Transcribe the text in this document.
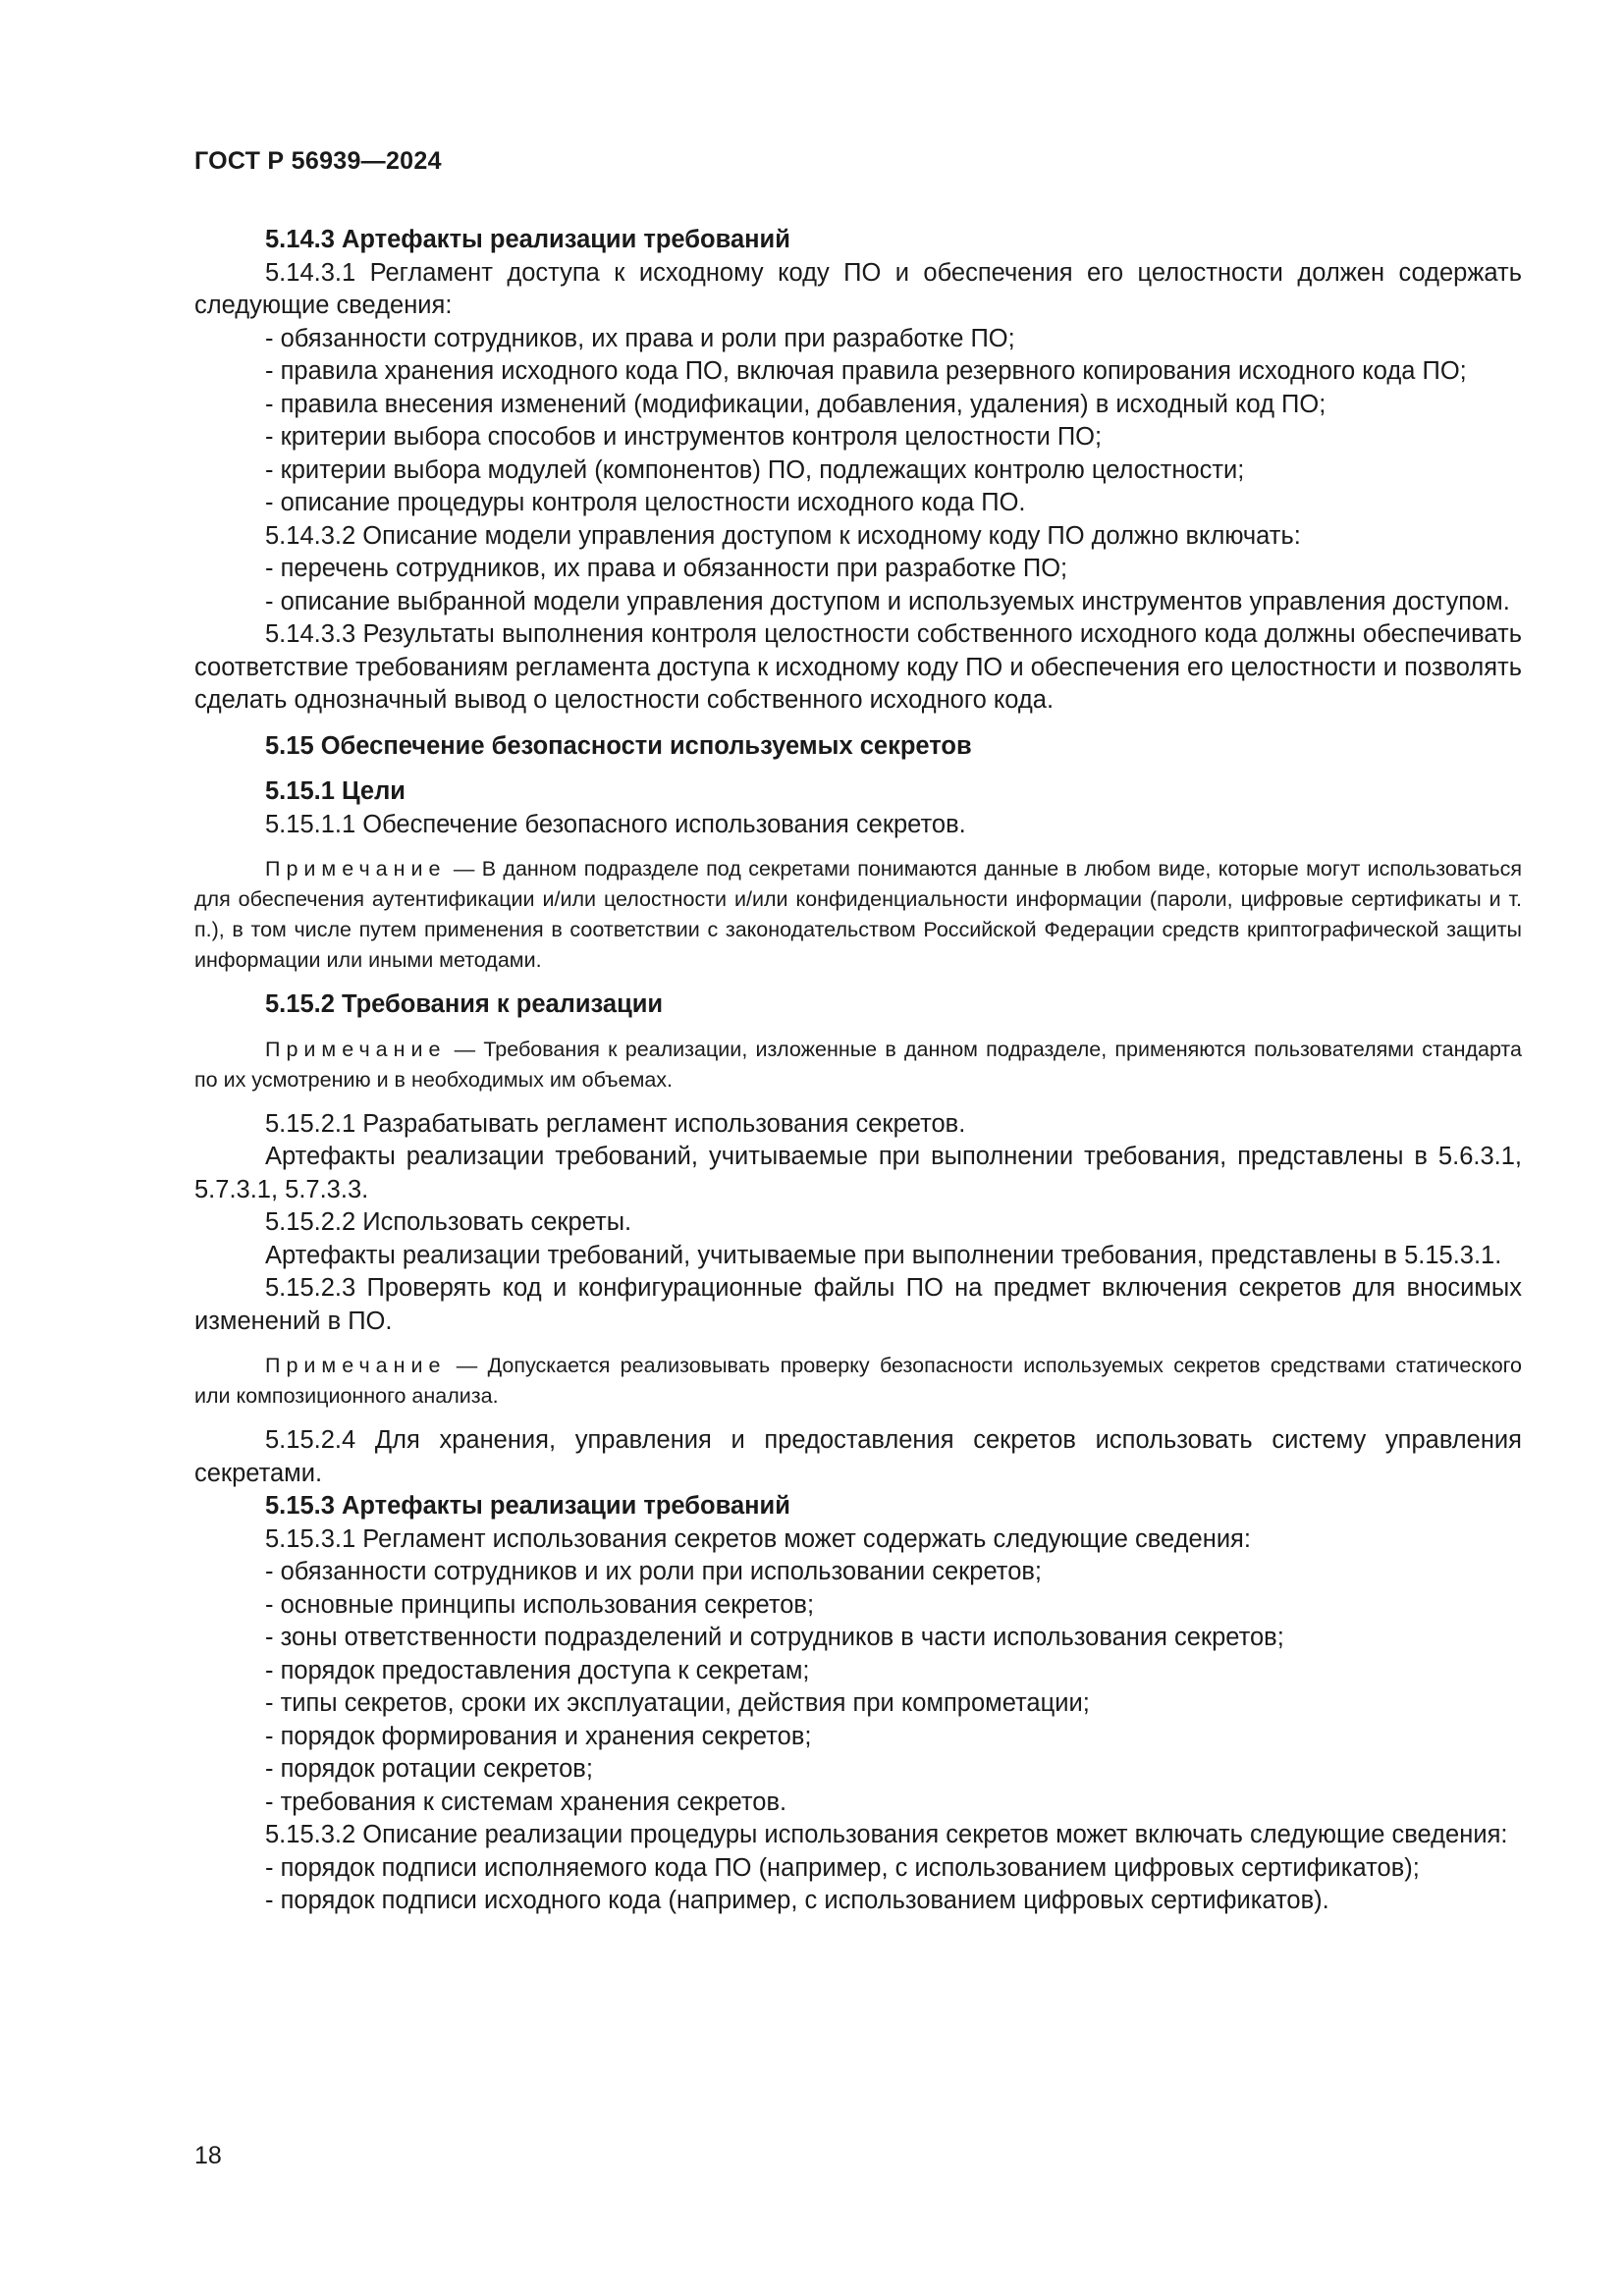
ГОСТ Р 56939—2024

5.14.3 Артефакты реализации требований

5.14.3.1 Регламент доступа к исходному коду ПО и обеспечения его целостности должен содержать следующие сведения:

- обязанности сотрудников, их права и роли при разработке ПО;

- правила хранения исходного кода ПО, включая правила резервного копирования исходного кода ПО;

- правила внесения изменений (модификации, добавления, удаления) в исходный код ПО;

- критерии выбора способов и инструментов контроля целостности ПО;

- критерии выбора модулей (компонентов) ПО, подлежащих контролю целостности;

- описание процедуры контроля целостности исходного кода ПО.

5.14.3.2 Описание модели управления доступом к исходному коду ПО должно включать:

- перечень сотрудников, их права и обязанности при разработке ПО;

- описание выбранной модели управления доступом и используемых инструментов управления доступом.

5.14.3.3 Результаты выполнения контроля целостности собственного исходного кода должны обеспечивать соответствие требованиям регламента доступа к исходному коду ПО и обеспечения его целостности и позволять сделать однозначный вывод о целостности собственного исходного кода.

5.15 Обеспечение безопасности используемых секретов

5.15.1 Цели

5.15.1.1 Обеспечение безопасного использования секретов.

Примечание — В данном подразделе под секретами понимаются данные в любом виде, которые могут использоваться для обеспечения аутентификации и/или целостности и/или конфиденциальности информации (пароли, цифровые сертификаты и т. п.), в том числе путем применения в соответствии с законодательством Российской Федерации средств криптографической защиты информации или иными методами.

5.15.2 Требования к реализации

Примечание — Требования к реализации, изложенные в данном подразделе, применяются пользователями стандарта по их усмотрению и в необходимых им объемах.

5.15.2.1 Разрабатывать регламент использования секретов.

Артефакты реализации требований, учитываемые при выполнении требования, представлены в 5.6.3.1, 5.7.3.1, 5.7.3.3.

5.15.2.2 Использовать секреты.

Артефакты реализации требований, учитываемые при выполнении требования, представлены в 5.15.3.1.

5.15.2.3 Проверять код и конфигурационные файлы ПО на предмет включения секретов для вносимых изменений в ПО.

Примечание — Допускается реализовывать проверку безопасности используемых секретов средствами статического или композиционного анализа.

5.15.2.4 Для хранения, управления и предоставления секретов использовать систему управления секретами.

5.15.3 Артефакты реализации требований

5.15.3.1 Регламент использования секретов может содержать следующие сведения:

- обязанности сотрудников и их роли при использовании секретов;

- основные принципы использования секретов;

- зоны ответственности подразделений и сотрудников в части использования секретов;

- порядок предоставления доступа к секретам;

- типы секретов, сроки их эксплуатации, действия при компрометации;

- порядок формирования и хранения секретов;

- порядок ротации секретов;

- требования к системам хранения секретов.

5.15.3.2 Описание реализации процедуры использования секретов может включать следующие сведения:

- порядок подписи исполняемого кода ПО (например, с использованием цифровых сертификатов);

- порядок подписи исходного кода (например, с использованием цифровых сертификатов).

18
